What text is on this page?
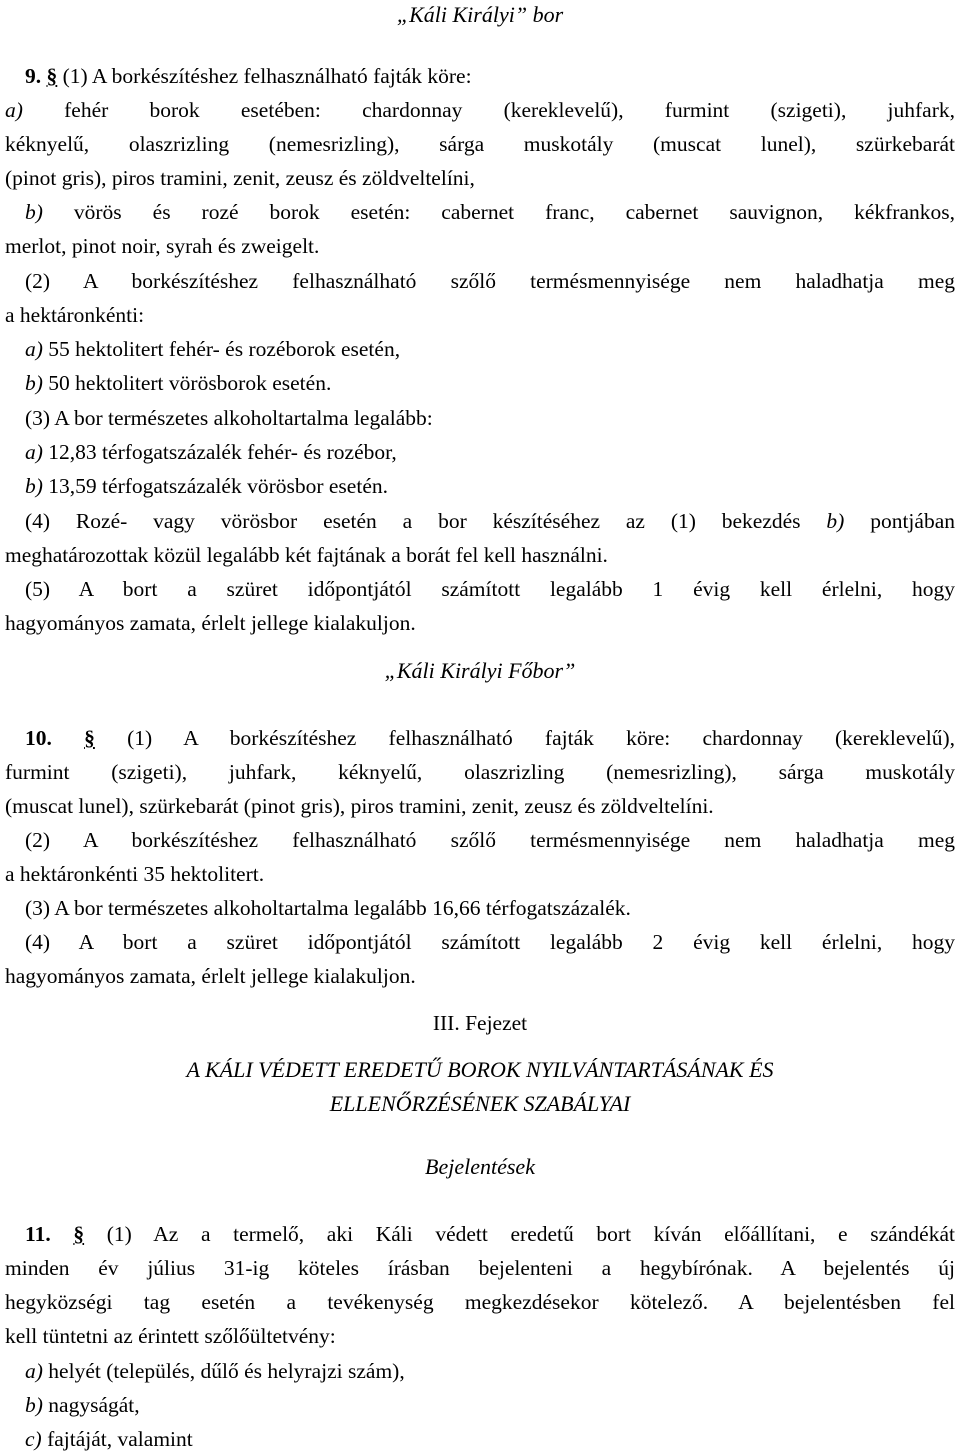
„Káli Királyi” bor
9. § (1) A borkészítéshez felhasználható fajták köre:
a) fehér borok esetében: chardonnay (kereklevelű), furmint (szigeti), juhfark,
kéknyelű, olaszrizling (nemesrizling), sárga muskotály (muscat lunel), szürkebarát
(pinot gris), piros tramini, zenit, zeusz és zöldveltelíni,
b) vörös és rozé borok esetén: cabernet franc, cabernet sauvignon, kékfrankos,
merlot, pinot noir, syrah és zweigelt.
(2) A borkészítéshez felhasználható szőlő termésmennyisége nem haladhatja meg
a hektáronkénti:
a) 55 hektolitert fehér- és rozéborok esetén,
b) 50 hektolitert vörösborok esetén.
(3) A bor természetes alkoholtartalma legalább:
a) 12,83 térfogatszázalék fehér- és rozébor,
b) 13,59 térfogatszázalék vörösbor esetén.
(4) Rozé- vagy vörösbor esetén a bor készítéséhez az (1) bekezdés b) pontjában
meghatározottak közül legalább két fajtának a borát fel kell használni.
(5) A bort a szüret időpontjától számított legalább 1 évig kell érlelni, hogy
hagyományos zamata, érlelt jellege kialakuljon.
„Káli Királyi Főbor”
10. § (1) A borkészítéshez felhasználható fajták köre: chardonnay (kereklevelű),
furmint (szigeti), juhfark, kéknyelű, olaszrizling (nemesrizling), sárga muskotály
(muscat lunel), szürkebarát (pinot gris), piros tramini, zenit, zeusz és zöldveltelíni.
(2) A borkészítéshez felhasználható szőlő termésmennyisége nem haladhatja meg
a hektáronkénti 35 hektolitert.
(3) A bor természetes alkoholtartalma legalább 16,66 térfogatszázalék.
(4) A bort a szüret időpontjától számított legalább 2 évig kell érlelni, hogy
hagyományos zamata, érlelt jellege kialakuljon.
III. Fejezet
A KÁLI VÉDETT EREDETŰ BOROK NYILVÁNTARTÁSÁNAK ÉS
ELLENŐRZÉSÉNEK SZABÁLYAI
Bejelentések
11. § (1) Az a termelő, aki Káli védett eredetű bort kíván előállítani, e szándékát
minden év július 31-ig köteles írásban bejelenteni a hegybírónak. A bejelentés új
hegyközségi tag esetén a tevékenység megkezdésekor kötelező. A bejelentésben fel
kell tüntetni az érintett szőlőültetvény:
a) helyét (település, dűlő és helyrajzi szám),
b) nagyságát,
c) fajtáját, valamint
